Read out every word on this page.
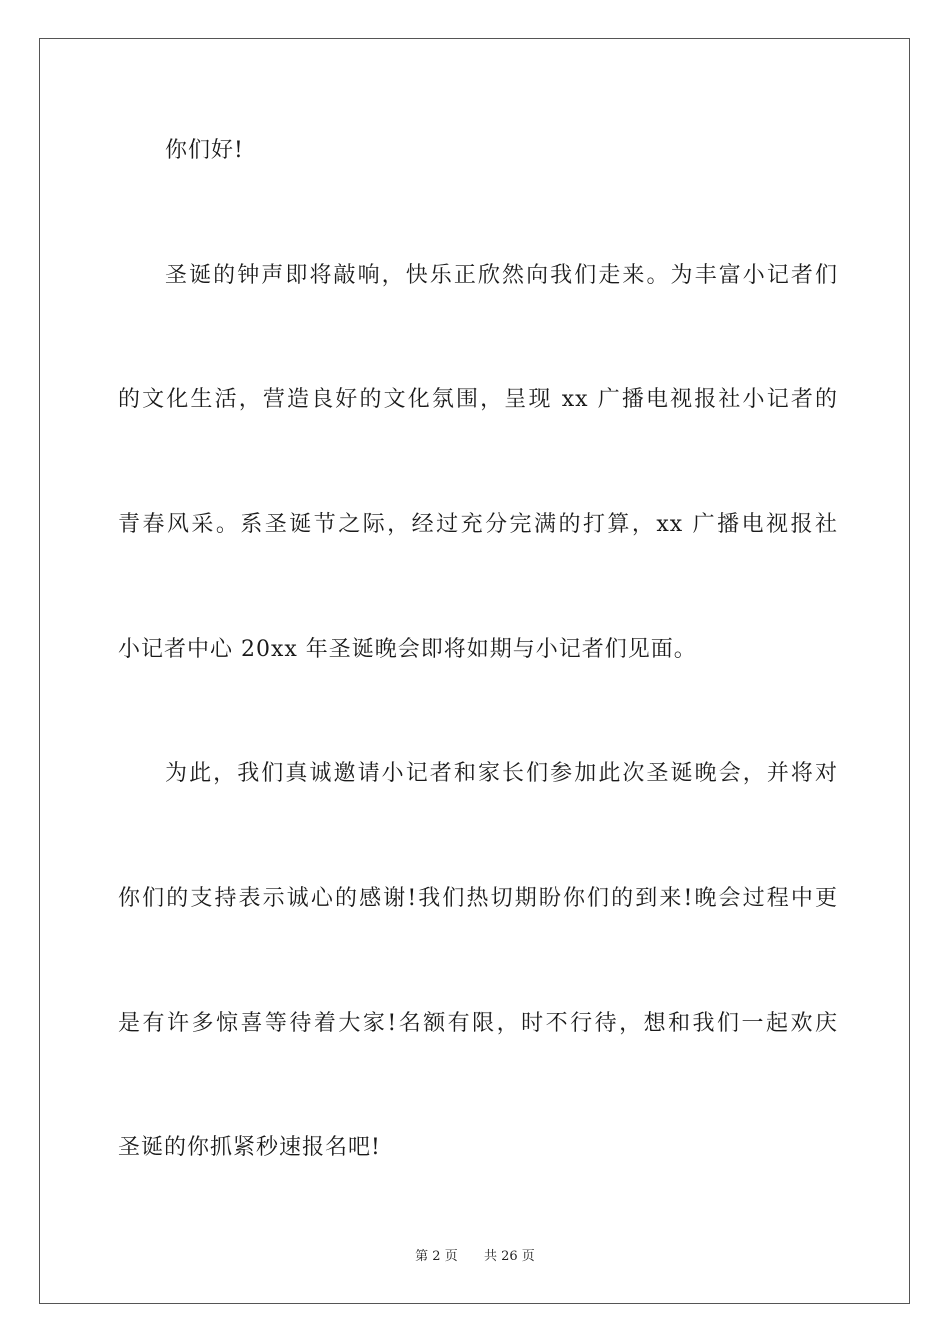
你们好!
圣诞的钟声即将敲响，快乐正欣然向我们走来。为丰富小记者们
的文化生活，营造良好的文化氛围，呈现 xx 广播电视报社小记者的
青春风采。系圣诞节之际，经过充分完满的打算，xx 广播电视报社
小记者中心 20xx 年圣诞晚会即将如期与小记者们见面。
为此，我们真诚邀请小记者和家长们参加此次圣诞晚会，并将对
你们的支持表示诚心的感谢!我们热切期盼你们的到来!晚会过程中更
是有许多惊喜等待着大家!名额有限，时不行待，想和我们一起欢庆
圣诞的你抓紧秒速报名吧!
第 2 页 共 26 页
